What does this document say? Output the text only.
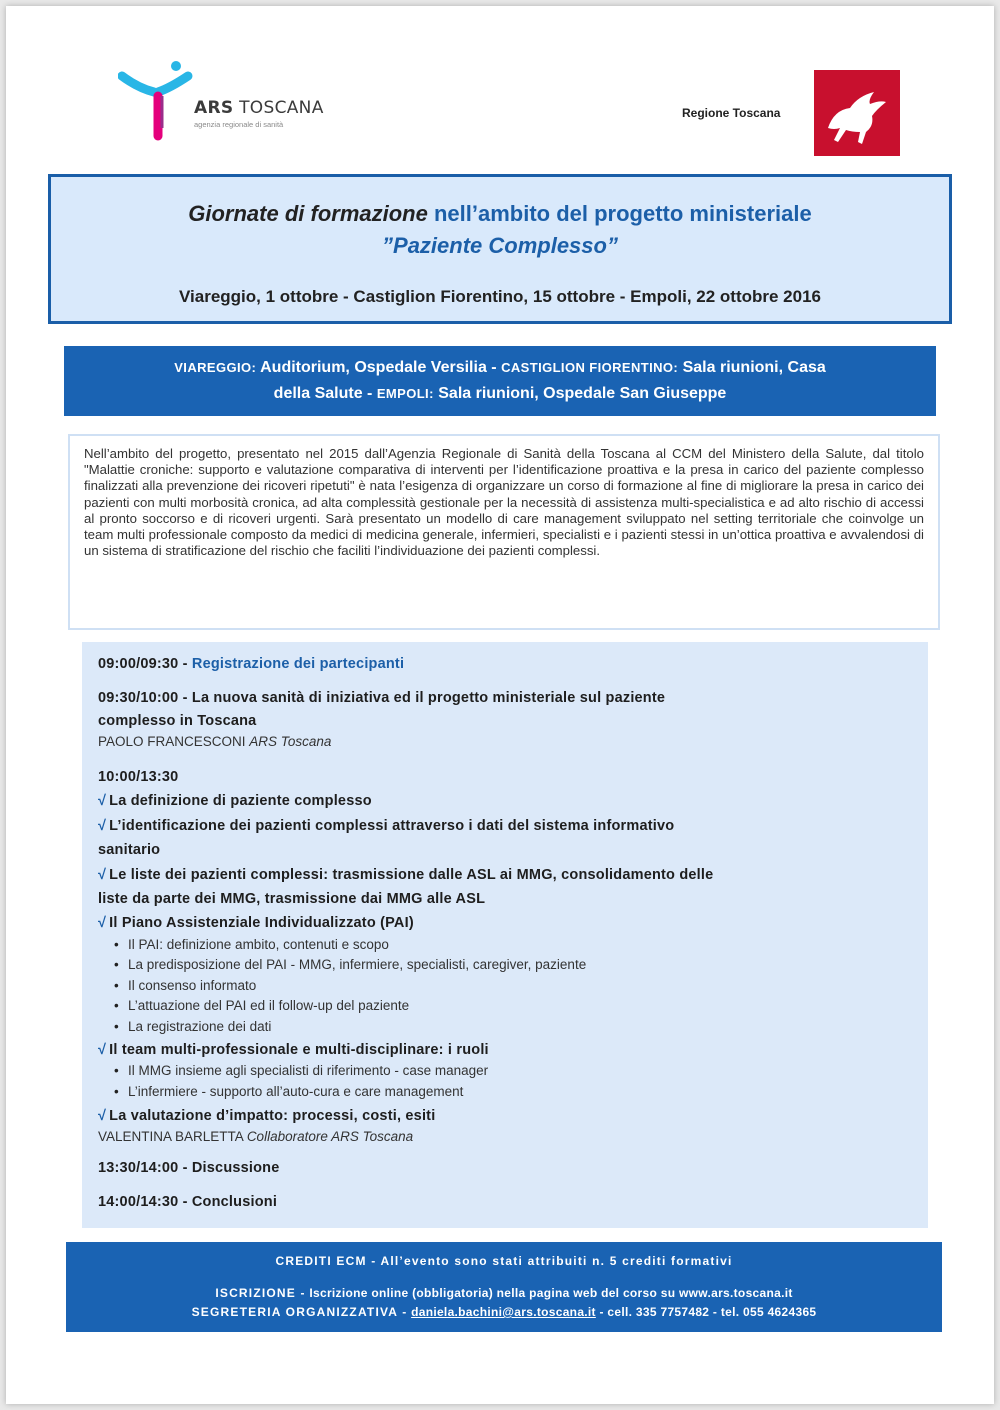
ARS TOSCANA
agenzia regionale di sanità
Regione Toscana
Giornate di formazione nell’ambito del progetto ministeriale
”Paziente Complesso”
Viareggio, 1 ottobre - Castiglion Fiorentino, 15 ottobre - Empoli, 22 ottobre 2016
VIAREGGIO: Auditorium, Ospedale Versilia - CASTIGLION FIORENTINO: Sala riunioni, Casa
della Salute - EMPOLI: Sala riunioni, Ospedale San Giuseppe
Nell’ambito del progetto, presentato nel 2015 dall’Agenzia Regionale di Sanità della Toscana al CCM del Ministero della Salute, dal titolo "Malattie croniche: supporto e valutazione comparativa di interventi per l’identificazione proattiva e la presa in carico del paziente complesso finalizzati alla prevenzione dei ricoveri ripetuti" è nata l’esigenza di organizzare un corso di formazione al fine di migliorare la presa in carico dei pazienti con multi morbosità cronica, ad alta complessità gestionale per la necessità di assistenza multi-specialistica e ad alto rischio di accessi al pronto soccorso e di ricoveri urgenti. Sarà presentato un modello di care management sviluppato nel setting territoriale che coinvolge un team multi professionale composto da medici di medicina generale, infermieri, specialisti e i pazienti stessi in un’ottica proattiva e avvalendosi di un sistema di stratificazione del rischio che faciliti l’individuazione dei pazienti complessi.
09:00/09:30 - Registrazione dei partecipanti
09:30/10:00 - La nuova sanità di iniziativa ed il progetto ministeriale sul paziente
complesso in Toscana
PAOLO FRANCESCONI ARS Toscana
10:00/13:30
√ La definizione di paziente complesso
√ L’identificazione dei pazienti complessi attraverso i dati del sistema informativo
sanitario
√ Le liste dei pazienti complessi: trasmissione dalle ASL ai MMG, consolidamento delle
liste da parte dei MMG, trasmissione dai MMG alle ASL
√ Il Piano Assistenziale Individualizzato (PAI)
• Il PAI: definizione ambito, contenuti e scopo
• La predisposizione del PAI - MMG, infermiere, specialisti, caregiver, paziente
• Il consenso informato
• L’attuazione del PAI ed il follow-up del paziente
• La registrazione dei dati
√ Il team multi-professionale e multi-disciplinare: i ruoli
• Il MMG insieme agli specialisti di riferimento - case manager
• L’infermiere - supporto all’auto-cura e care management
√ La valutazione d’impatto: processi, costi, esiti
VALENTINA BARLETTA Collaboratore ARS Toscana
13:30/14:00 - Discussione
14:00/14:30 - Conclusioni
CREDITI ECM - All’evento sono stati attribuiti n. 5 crediti formativi
ISCRIZIONE - Iscrizione online (obbligatoria) nella pagina web del corso su www.ars.toscana.it
SEGRETERIA ORGANIZZATIVA - daniela.bachini@ars.toscana.it - cell. 335 7757482 - tel. 055 4624365
